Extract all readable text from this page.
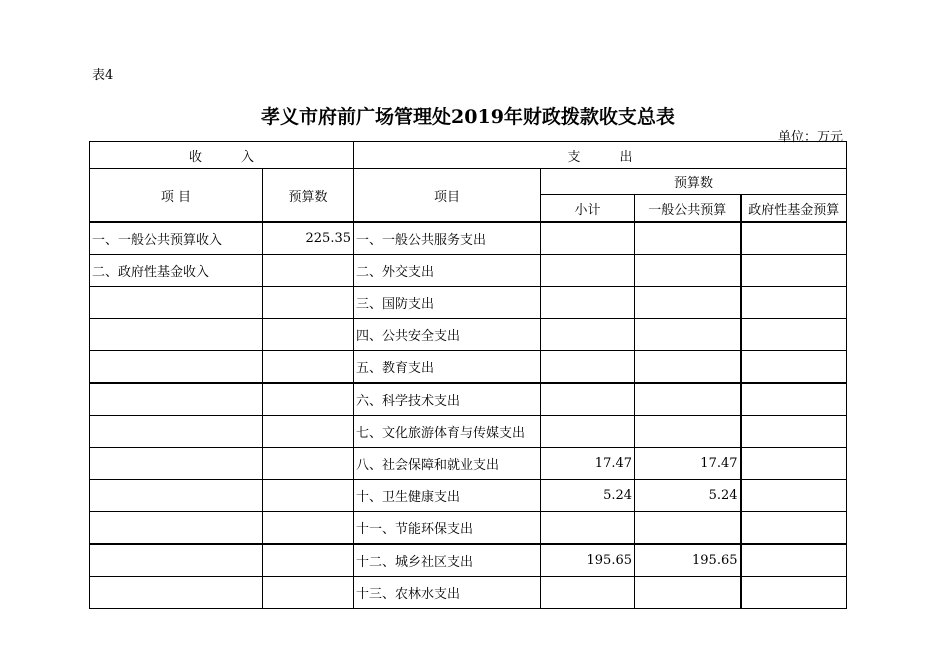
表4
孝义市府前广场管理处2019年财政拨款收支总表
单位：万元
收　　　入		支　　　出			
项 目	预算数	项目	预算数		
			小计	一般公共预算	政府性基金预算
一、一般公共预算收入	225.35	一、一般公共服务支出			
二、政府性基金收入		二、外交支出			
		三、国防支出			
		四、公共安全支出			
		五、教育支出			
		六、科学技术支出			
		七、文化旅游体育与传媒支出			
		八、社会保障和就业支出	17.47	17.47	
		十、卫生健康支出	5.24	5.24	
		十一、节能环保支出			
		十二、城乡社区支出	195.65	195.65	
		十三、农林水支出			
